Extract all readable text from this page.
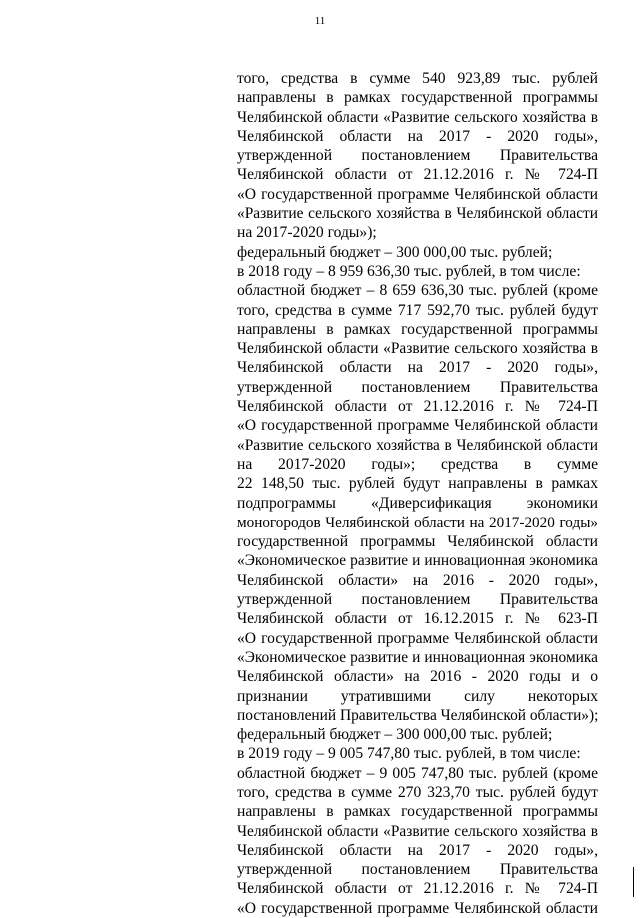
11
того, средства в сумме 540 923,89 тыс. рублей
направлены в рамках государственной программы
Челябинской области «Развитие сельского хозяйства в
Челябинской области на 2017 - 2020 годы»,
утвержденной постановлением Правительства
Челябинской области от 21.12.2016 г. № 724-П
«О государственной программе Челябинской области
«Развитие сельского хозяйства в Челябинской области
на 2017-2020 годы»);
федеральный бюджет – 300 000,00 тыс. рублей;
в 2018 году – 8 959 636,30 тыс. рублей, в том числе:
областной бюджет – 8 659 636,30 тыс. рублей (кроме
того, средства в сумме 717 592,70 тыс. рублей будут
направлены в рамках государственной программы
Челябинской области «Развитие сельского хозяйства в
Челябинской области на 2017 - 2020 годы»,
утвержденной постановлением Правительства
Челябинской области от 21.12.2016 г. № 724-П
«О государственной программе Челябинской области
«Развитие сельского хозяйства в Челябинской области
на 2017-2020 годы»; средства в сумме
22 148,50 тыс. рублей будут направлены в рамках
подпрограммы «Диверсификация экономики
моногородов Челябинской области на 2017-2020 годы»
государственной программы Челябинской области
«Экономическое развитие и инновационная экономика
Челябинской области» на 2016 - 2020 годы»,
утвержденной постановлением Правительства
Челябинской области от 16.12.2015 г. № 623-П
«О государственной программе Челябинской области
«Экономическое развитие и инновационная экономика
Челябинской области» на 2016 - 2020 годы и о
признании утратившими силу некоторых
постановлений Правительства Челябинской области»);
федеральный бюджет – 300 000,00 тыс. рублей;
в 2019 году – 9 005 747,80 тыс. рублей, в том числе:
областной бюджет – 9 005 747,80 тыс. рублей (кроме
того, средства в сумме 270 323,70 тыс. рублей будут
направлены в рамках государственной программы
Челябинской области «Развитие сельского хозяйства в
Челябинской области на 2017 - 2020 годы»,
утвержденной постановлением Правительства
Челябинской области от 21.12.2016 г. № 724-П
«О государственной программе Челябинской области
